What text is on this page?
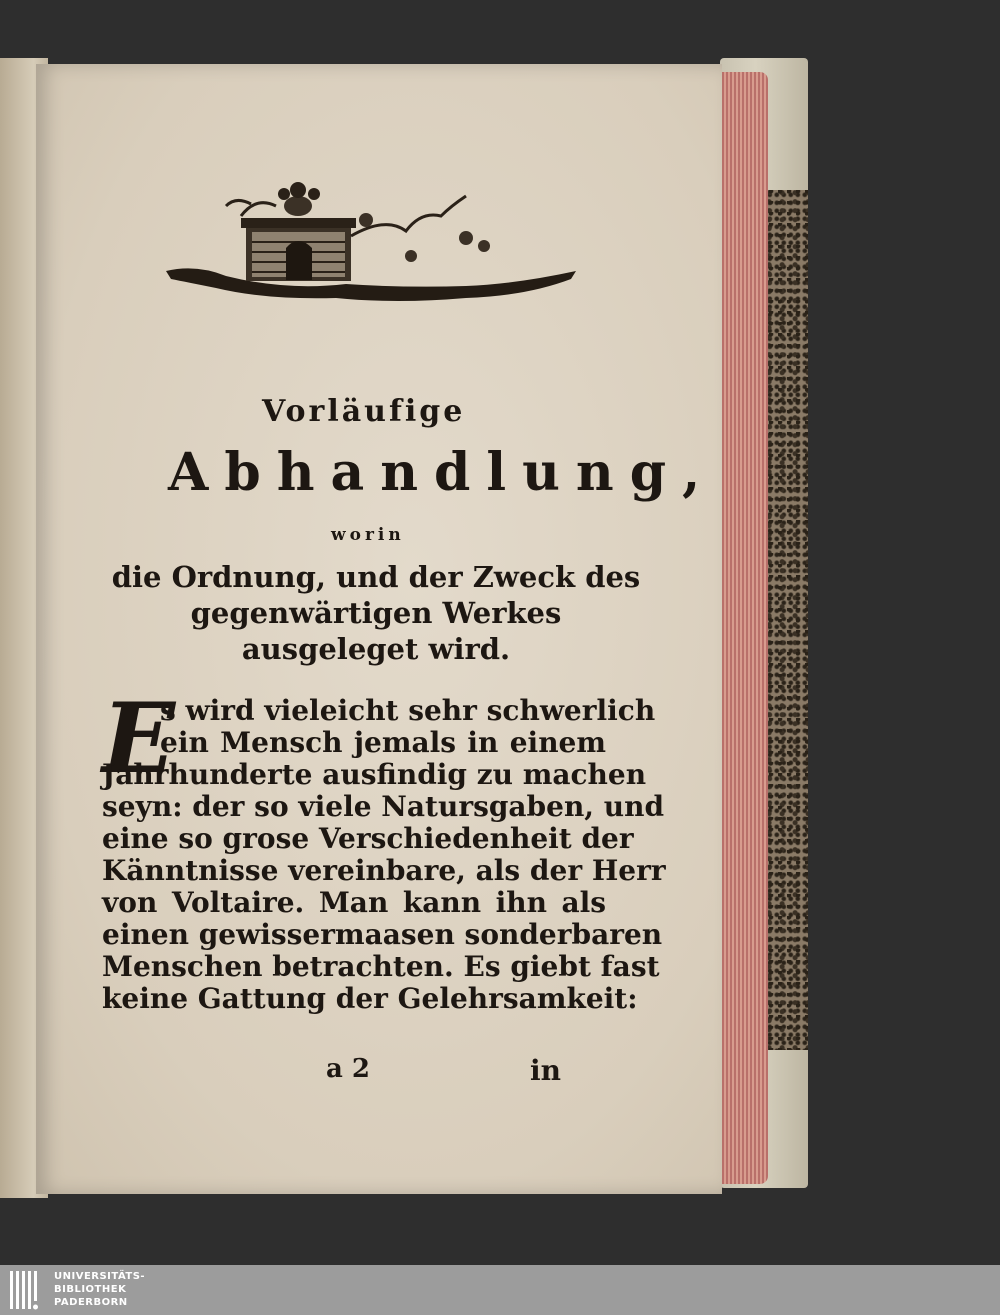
Vorläufige
Abhandlung,
worin
die Ordnung, und der Zweck des
gegenwärtigen Werkes
ausgeleget wird.
E
s wird vieleicht sehr schwerlich
ein Mensch jemals in einem
Jahrhunderte ausfindig zu machen
seyn: der so viele Natursgaben, und
eine so grose Verschiedenheit der
Känntnisse vereinbare, als der Herr
von Voltaire. Man kann ihn als
einen gewissermaasen sonderbaren
Menschen betrachten. Es giebt fast
keine Gattung der Gelehrsamkeit:
a 2	in
UNIVERSITÄTS-
BIBLIOTHEK
PADERBORN
